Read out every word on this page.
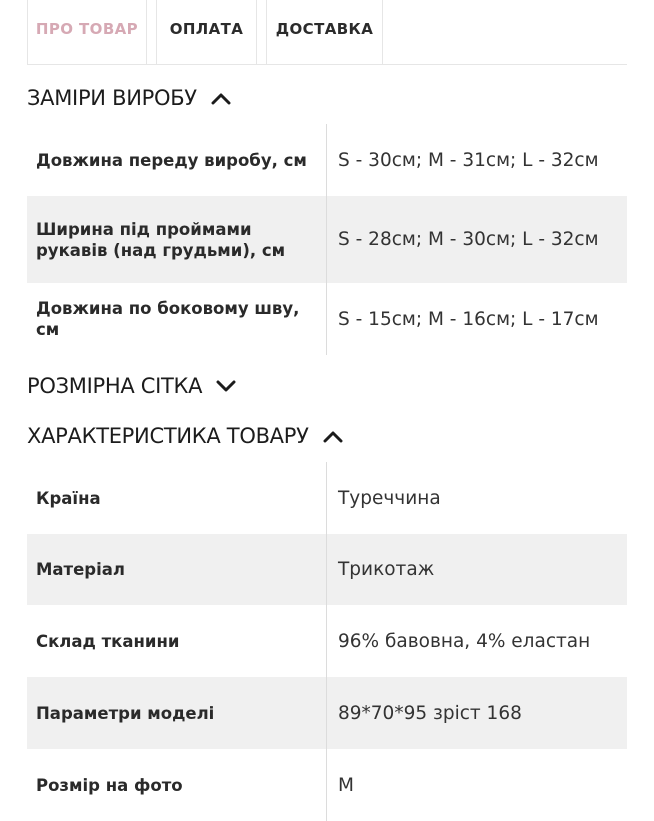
ПРО ТОВАР	ОПЛАТА	ДОСТАВКА
ЗАМІРИ ВИРОБУ
Довжина переду виробу, см	S - 30см; M - 31см; L - 32см
Ширина під проймами рукавів (над грудьми), см	S - 28см; M - 30см; L - 32см
Довжина по боковому шву, см	S - 15см; M - 16см; L - 17см
РОЗМІРНА СІТКА
ХАРАКТЕРИСТИКА ТОВАРУ
Країна	Туреччина
Матеріал	Трикотаж
Склад тканини	96% бавовна, 4% еластан
Параметри моделі	89*70*95 зріст 168
Розмір на фото	M
